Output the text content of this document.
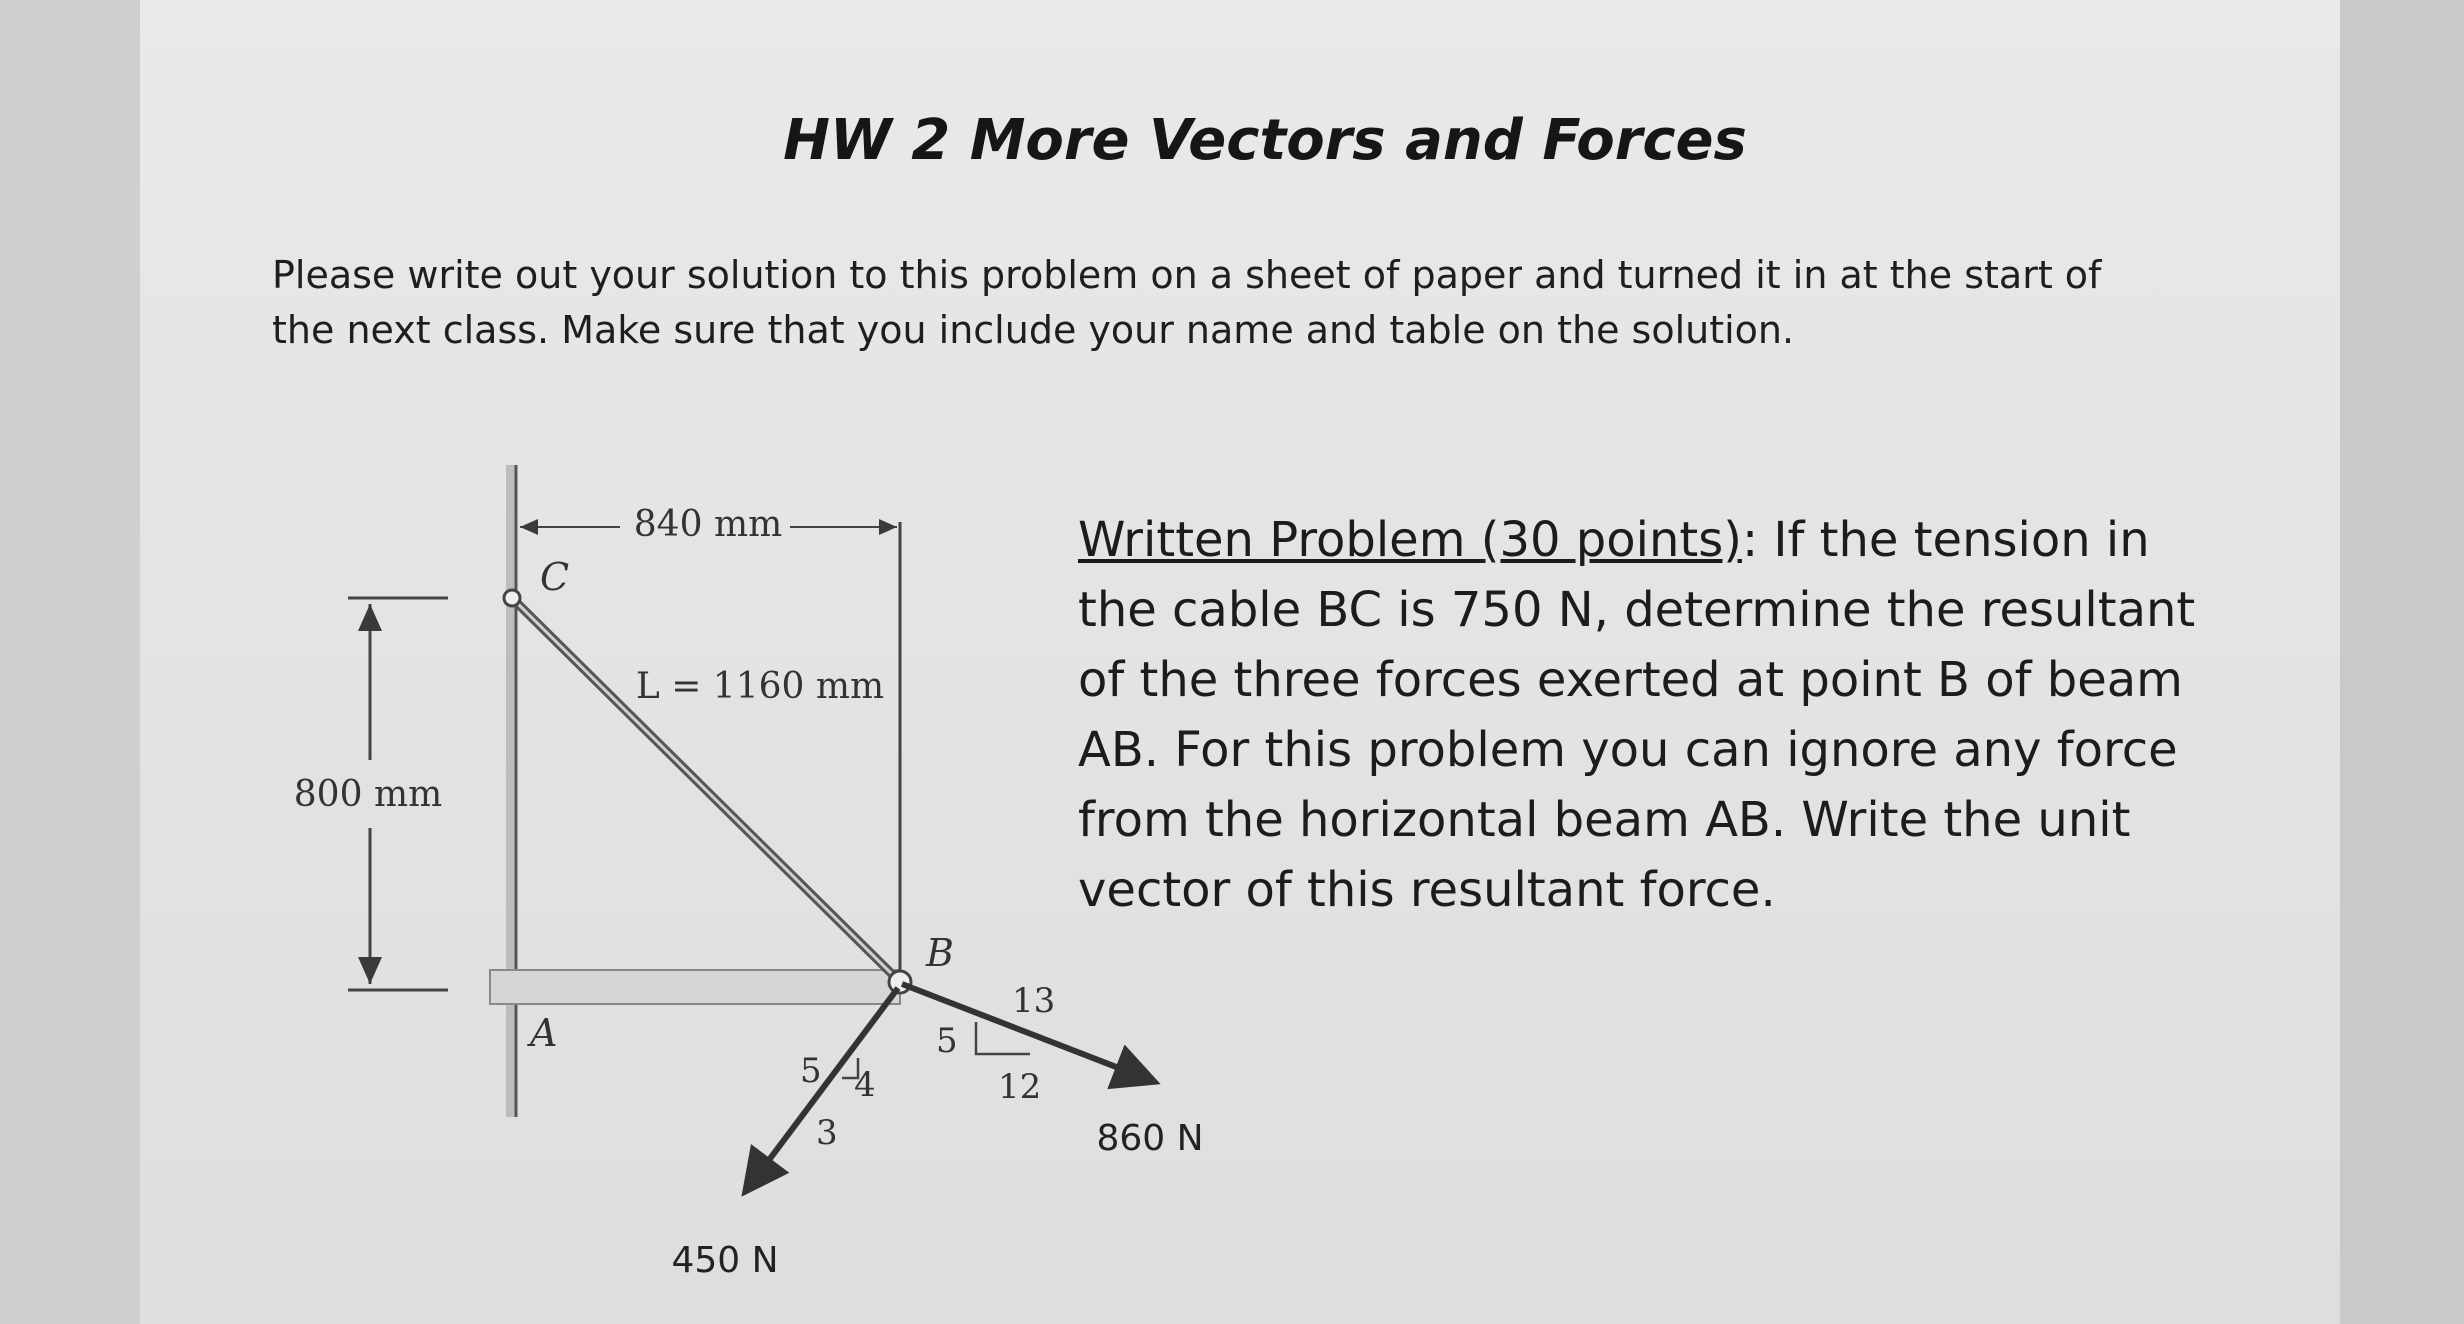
HW 2 More Vectors and Forces
Please write out your solution to this problem on a sheet of paper and turned it in at the start of the next class. Make sure that you include your name and table on the solution.
Written Problem (30 points): If the tension in the cable BC is 750 N, determine the resultant of the three forces exerted at point B of beam AB. For this problem you can ignore any force from the horizontal beam AB. Write the unit vector of this resultant force.
840 mm
800 mm
L = 1160 mm
C
B
A
5 4
3
450 N
13
5
12
860 N
